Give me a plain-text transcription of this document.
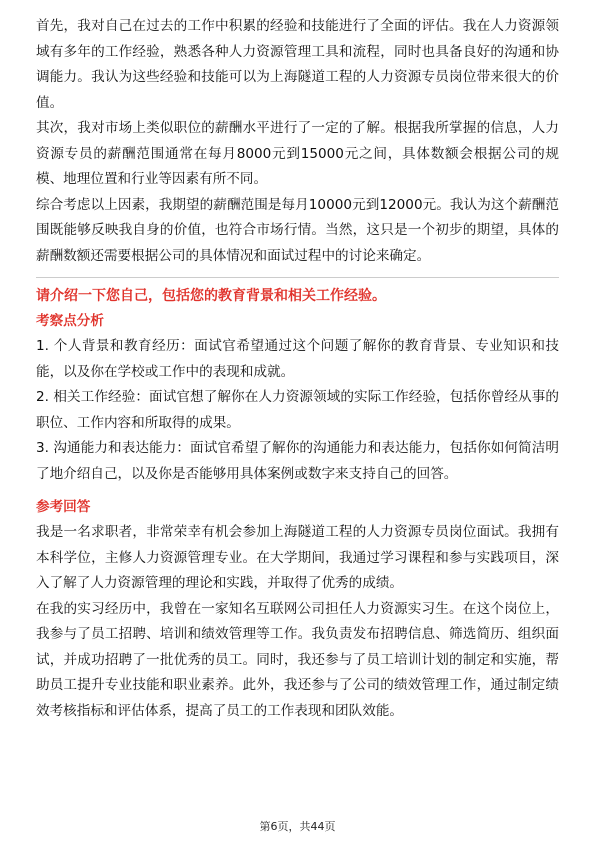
首先，我对自己在过去的工作中积累的经验和技能进行了全面的评估。我在人力资源领域有多年的工作经验，熟悉各种人力资源管理工具和流程，同时也具备良好的沟通和协调能力。我认为这些经验和技能可以为上海隧道工程的人力资源专员岗位带来很大的价值。

其次，我对市场上类似职位的薪酬水平进行了一定的了解。根据我所掌握的信息，人力资源专员的薪酬范围通常在每月8000元到15000元之间，具体数额会根据公司的规模、地理位置和行业等因素有所不同。

综合考虑以上因素，我期望的薪酬范围是每月10000元到12000元。我认为这个薪酬范围既能够反映我自身的价值，也符合市场行情。当然，这只是一个初步的期望，具体的薪酬数额还需要根据公司的具体情况和面试过程中的讨论来确定。

请介绍一下您自己，包括您的教育背景和相关工作经验。

考察点分析

1. 个人背景和教育经历：面试官希望通过这个问题了解你的教育背景、专业知识和技能，以及你在学校或工作中的表现和成就。

2. 相关工作经验：面试官想了解你在人力资源领域的实际工作经验，包括你曾经从事的职位、工作内容和所取得的成果。

3. 沟通能力和表达能力：面试官希望了解你的沟通能力和表达能力，包括你如何简洁明了地介绍自己，以及你是否能够用具体案例或数字来支持自己的回答。

参考回答

我是一名求职者，非常荣幸有机会参加上海隧道工程的人力资源专员岗位面试。我拥有本科学位，主修人力资源管理专业。在大学期间，我通过学习课程和参与实践项目，深入了解了人力资源管理的理论和实践，并取得了优秀的成绩。

在我的实习经历中，我曾在一家知名互联网公司担任人力资源实习生。在这个岗位上，我参与了员工招聘、培训和绩效管理等工作。我负责发布招聘信息、筛选简历、组织面试，并成功招聘了一批优秀的员工。同时，我还参与了员工培训计划的制定和实施，帮助员工提升专业技能和职业素养。此外，我还参与了公司的绩效管理工作，通过制定绩效考核指标和评估体系，提高了员工的工作表现和团队效能。

第6页，共44页
